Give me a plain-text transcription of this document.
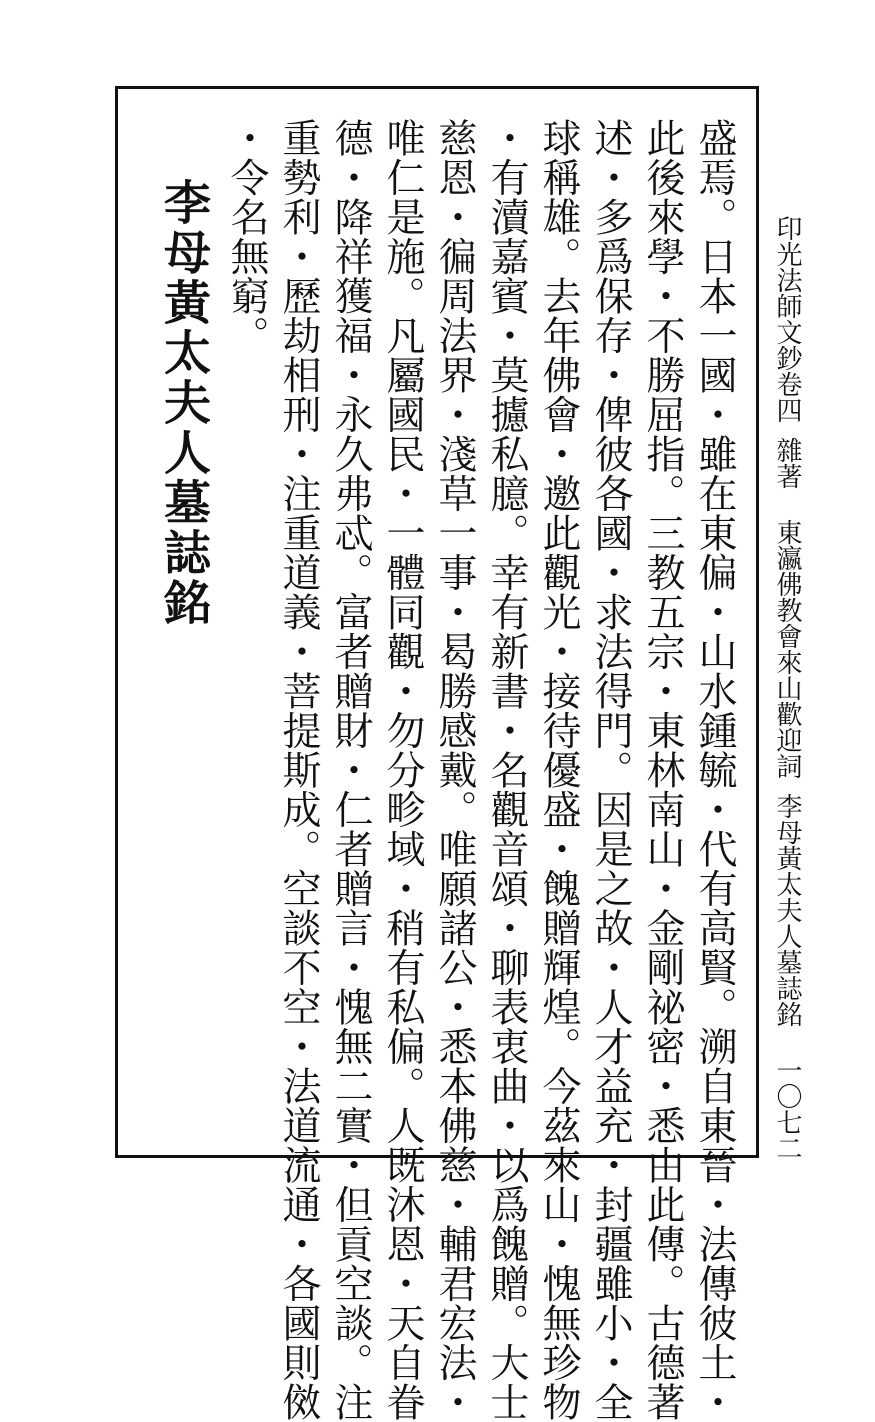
印光法師文鈔卷四雜著東瀛佛教會來山歡迎詞李母黃太夫人墓誌銘一〇七二
盛焉。日本一國・雖在東偏・山水鍾毓・代有高賢。溯自東晉・法傳彼土・
此後來學・不勝屈指。三教五宗・東林南山・金剛祕密・悉由此傳。古德著
述・多爲保存・俾彼各國・求法得門。因是之故・人才益充・封疆雖小・全
球稱雄。去年佛會・邀此觀光・接待優盛・餽贈輝煌。今茲來山・愧無珍物
・有瀆嘉賓・莫攄私臆。幸有新書・名觀音頌・聊表衷曲・以爲餽贈。大士
慈恩・徧周法界・淺草一事・曷勝感戴。唯願諸公・悉本佛慈・輔君宏法・
唯仁是施。凡屬國民・一體同觀・勿分畛域・稍有私偏。人既沐恩・天自眷
德・降祥獲福・永久弗忒。富者贈財・仁者贈言・愧無二實・但貢空談。注
重勢利・歷劫相刑・注重道義・菩提斯成。空談不空・法道流通・各國則傚
・令名無窮。
李母黃太夫人墓誌銘
